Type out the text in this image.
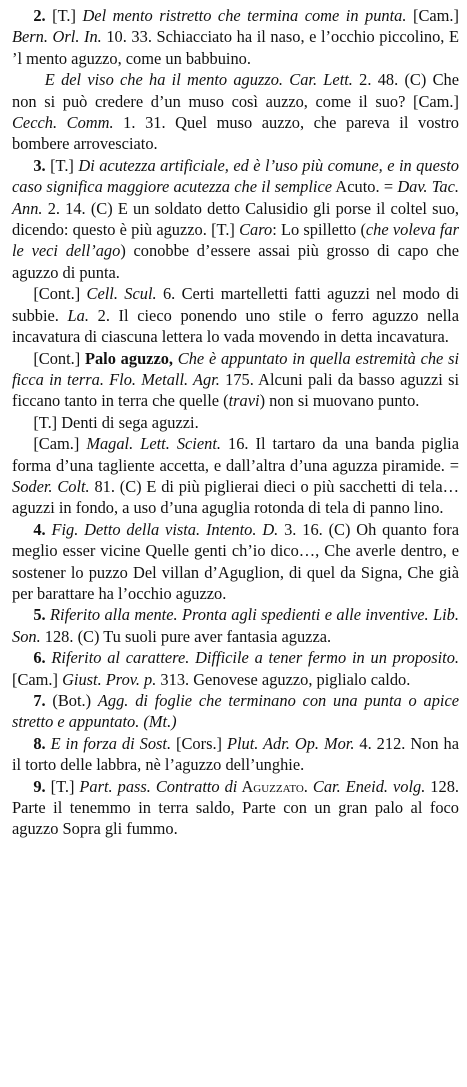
2. [T.] Del mento ristretto che termina come in punta. [Cam.] Bern. Orl. In. 10. 33. Schiacciato ha il naso, e l’occhio piccolino, E ’l mento aguzzo, come un babbuino.

E del viso che ha il mento aguzzo. Car. Lett. 2. 48. (C) Che non si può credere d’un muso così auzzo, come il suo? [Cam.] Cecch. Comm. 1. 31. Quel muso auzzo, che pareva il vostro bombere arrovesciato.

3. [T.] Di acutezza artificiale, ed è l’uso più comune, e in questo caso significa maggiore acutezza che il semplice Acuto. = Dav. Tac. Ann. 2. 14. (C) E un soldato detto Calusidio gli porse il coltel suo, dicendo: questo è più aguzzo. [T.] Caro: Lo spilletto (che voleva far le veci dell’ago) conobbe d’essere assai più grosso di capo che aguzzo di punta.

[Cont.] Cell. Scul. 6. Certi martelletti fatti aguzzi nel modo di subbie. La. 2. Il cieco ponendo uno stile o ferro aguzzo nella incavatura di ciascuna lettera lo vada movendo in detta incavatura.

[Cont.] Palo aguzzo, Che è appuntato in quella estremità che si ficca in terra. Flo. Metall. Agr. 175. Alcuni pali da basso aguzzi si ficcano tanto in terra che quelle (travi) non si muovano punto.

[T.] Denti di sega aguzzi.

[Cam.] Magal. Lett. Scient. 16. Il tartaro da una banda piglia forma d’una tagliente accetta, e dall’altra d’una aguzza piramide. = Soder. Colt. 81. (C) E di più piglierai dieci o più sacchetti di tela… aguzzi in fondo, a uso d’una aguglia rotonda di tela di panno lino.

4. Fig. Detto della vista. Intento. D. 3. 16. (C) Oh quanto fora meglio esser vicine Quelle genti ch’io dico…, Che averle dentro, e sostener lo puzzo Del villan d’Aguglion, di quel da Signa, Che già per barattare ha l’occhio aguzzo.

5. Riferito alla mente. Pronta agli spedienti e alle inventive. Lib. Son. 128. (C) Tu suoli pure aver fantasia aguzza.

6. Riferito al carattere. Difficile a tener fermo in un proposito. [Cam.] Giust. Prov. p. 313. Genovese aguzzo, piglialo caldo.

7. (Bot.) Agg. di foglie che terminano con una punta o apice stretto e appuntato. (Mt.)

8. E in forza di Sost. [Cors.] Plut. Adr. Op. Mor. 4. 212. Non ha il torto delle labbra, nè l’aguzzo dell’unghie.

9. [T.] Part. pass. Contratto di Aguzzato. Car. Eneid. volg. 128. Parte il tenemmo in terra saldo, Parte con un gran palo al foco aguzzo Sopra gli fummo.
